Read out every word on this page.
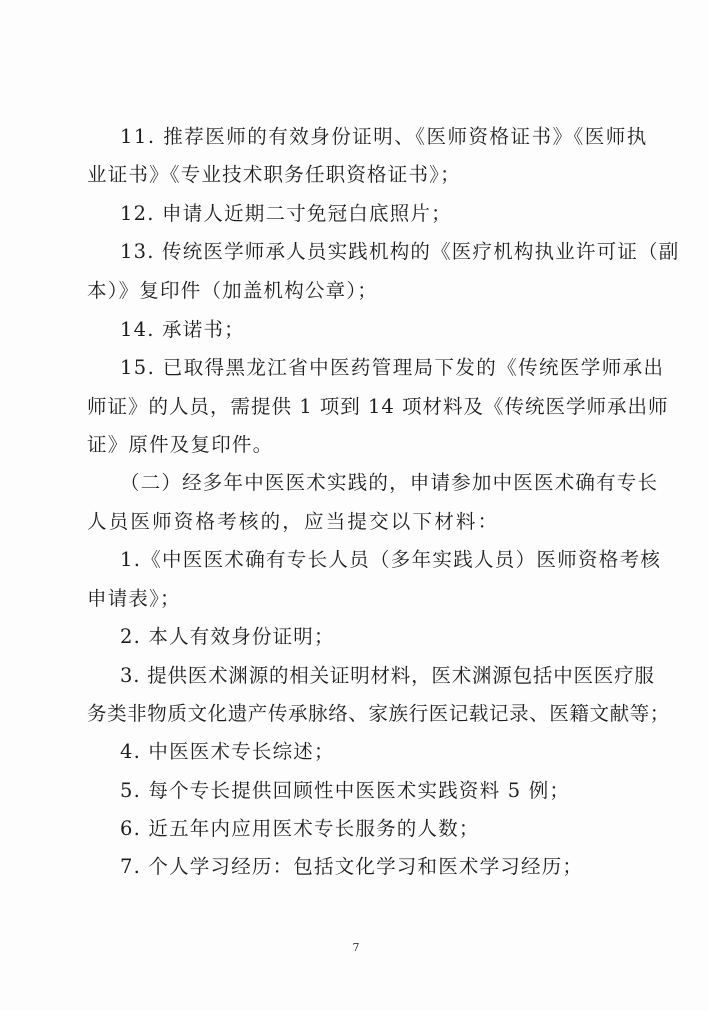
11. 推荐医师的有效身份证明、《医师资格证书》《医师执
业证书》《专业技术职务任职资格证书》；
12. 申请人近期二寸免冠白底照片；
13. 传统医学师承人员实践机构的《医疗机构执业许可证（副
本）》复印件（加盖机构公章）；
14. 承诺书；
15. 已取得黑龙江省中医药管理局下发的《传统医学师承出
师证》的人员，需提供 1 项到 14 项材料及《传统医学师承出师
证》原件及复印件。
（二）经多年中医医术实践的，申请参加中医医术确有专长
人员医师资格考核的，应当提交以下材料：
1.《中医医术确有专长人员（多年实践人员）医师资格考核
申请表》；
2. 本人有效身份证明；
3. 提供医术渊源的相关证明材料，医术渊源包括中医医疗服
务类非物质文化遗产传承脉络、家族行医记载记录、医籍文献等；
4. 中医医术专长综述；
5. 每个专长提供回顾性中医医术实践资料 5 例；
6. 近五年内应用医术专长服务的人数；
7. 个人学习经历：包括文化学习和医术学习经历；
7
